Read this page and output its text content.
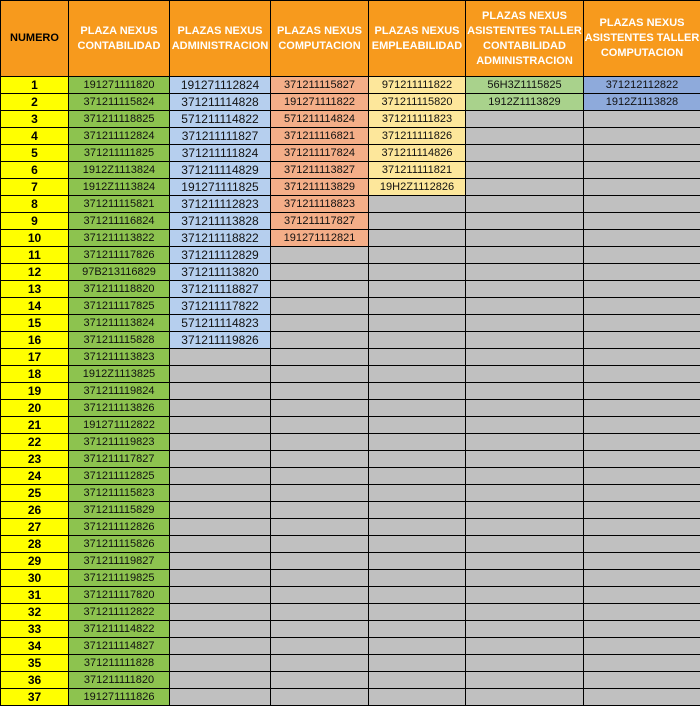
NUMERO	PLAZA NEXUS CONTABILIDAD	PLAZAS NEXUS ADMINISTRACION	PLAZAS NEXUS COMPUTACION	PLAZAS NEXUS EMPLEABILIDAD	PLAZAS NEXUS ASISTENTES TALLER CONTABILIDAD ADMINISTRACION	PLAZAS NEXUS ASISTENTES TALLER COMPUTACION
1	191271111820	191271112824	371211115827	971211111822	56H3Z1115825	371212112822
2	371211115824	371211114828	191271111822	371211115820	1912Z1113829	1912Z1113828
3	371211118825	571211114822	571211114824	371211111823		
4	371211112824	371211111827	371211116821	371211111826		
5	371211111825	371211111824	371211117824	371211114826		
6	1912Z1113824	371211114829	371211113827	371211111821		
7	1912Z1113824	191271111825	371211113829	19H2Z1112826		
8	371211115821	371211112823	371211118823			
9	371211116824	371211113828	371211117827			
10	371211113822	371211118822	191271112821			
11	371211117826	371211112829				
12	97B213116829	371211113820				
13	371211118820	371211118827				
14	371211117825	371211117822				
15	371211113824	571211114823				
16	371211115828	371211119826				
17	371211113823					
18	1912Z1113825					
19	371211119824					
20	371211113826					
21	191271112822					
22	371211119823					
23	371211117827					
24	371211112825					
25	371211115823					
26	371211115829					
27	371211112826					
28	371211115826					
29	371211119827					
30	371211119825					
31	371211117820					
32	371211112822					
33	371211114822					
34	371211114827					
35	371211111828					
36	371211111820					
37	191271111826					
